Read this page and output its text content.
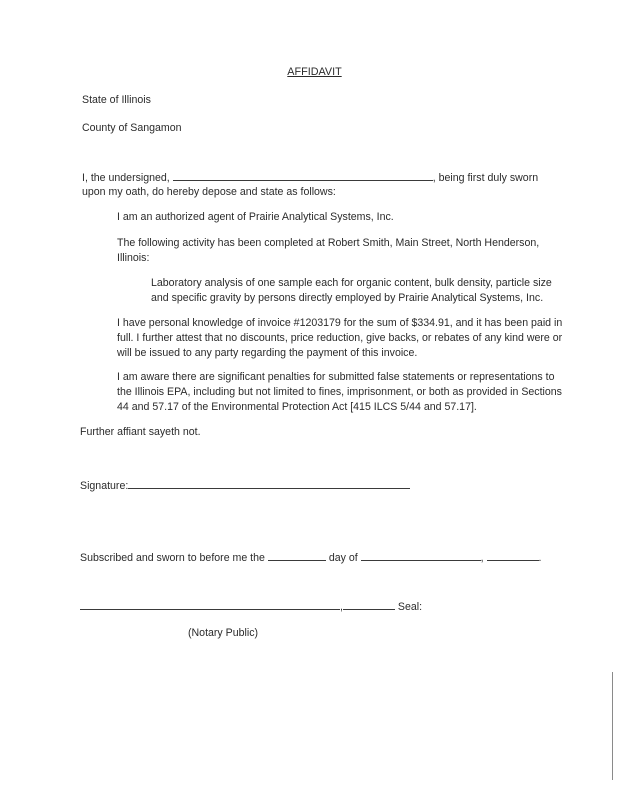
AFFIDAVIT
State of Illinois
County of Sangamon
I, the undersigned,	, being first duly sworn
upon my oath, do hereby depose and state as follows:
I am an authorized agent of Prairie Analytical Systems, Inc.
The following activity has been completed at Robert Smith, Main Street, North Henderson,
Illinois:
Laboratory analysis of one sample each for organic content, bulk density, particle size
and specific gravity by persons directly employed by Prairie Analytical Systems, Inc.
I have personal knowledge of invoice #1203179 for the sum of $334.91, and it has been paid in
full. I further attest that no discounts, price reduction, give backs, or rebates of any kind were or
will be issued to any party regarding the payment of this invoice.
I am aware there are significant penalties for submitted false statements or representations to
the Illinois EPA, including but not limited to fines, imprisonment, or both as provided in Sections
44 and 57.17 of the Environmental Protection Act [415 ILCS 5/44 and 57.17].
Further affiant sayeth not.
Signature:
Subscribed and sworn to before me the	day of	,	.
,	Seal:
(Notary Public)
